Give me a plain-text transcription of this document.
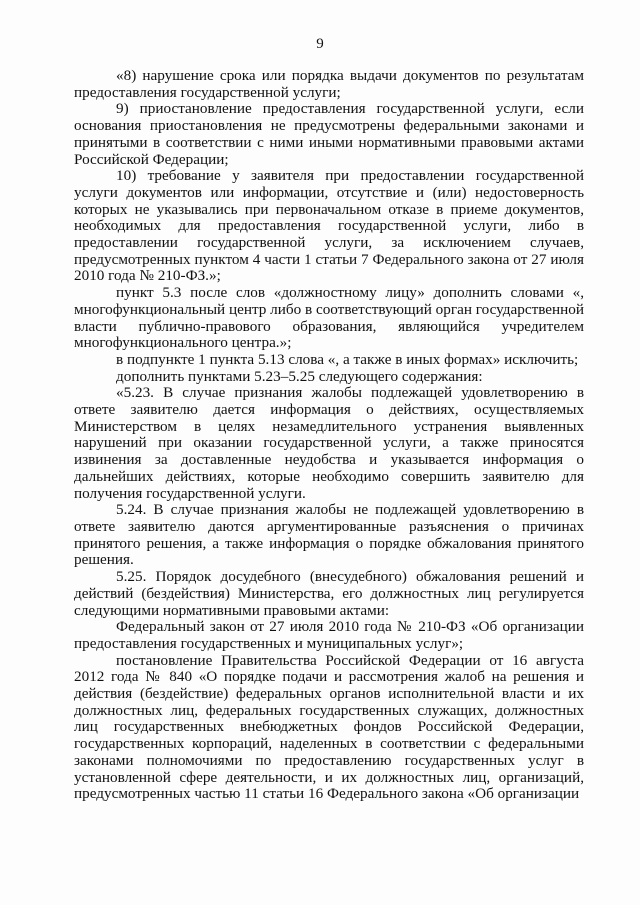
9

«8) нарушение срока или порядка выдачи документов по результатам предоставления государственной услуги;

9) приостановление предоставления государственной услуги, если основания приостановления не предусмотрены федеральными законами и принятыми в соответствии с ними иными нормативными правовыми актами Российской Федерации;

10) требование у заявителя при предоставлении государственной услуги документов или информации, отсутствие и (или) недостоверность которых не указывались при первоначальном отказе в приеме документов, необходимых для предоставления государственной услуги, либо в предоставлении государственной услуги, за исключением случаев, предусмотренных пунктом 4 части 1 статьи 7 Федерального закона от 27 июля 2010 года № 210-ФЗ.»;

пункт 5.3 после слов «должностному лицу» дополнить словами «, многофункциональный центр либо в соответствующий орган государственной власти публично-правового образования, являющийся учредителем многофункционального центра.»;

в подпункте 1 пункта 5.13 слова «, а также в иных формах» исключить;

дополнить пунктами 5.23–5.25 следующего содержания:

«5.23. В случае признания жалобы подлежащей удовлетворению в ответе заявителю дается информация о действиях, осуществляемых Министерством в целях незамедлительного устранения выявленных нарушений при оказании государственной услуги, а также приносятся извинения за доставленные неудобства и указывается информация о дальнейших действиях, которые необходимо совершить заявителю для получения государственной услуги.

5.24. В случае признания жалобы не подлежащей удовлетворению в ответе заявителю даются аргументированные разъяснения о причинах принятого решения, а также информация о порядке обжалования принятого решения.

5.25. Порядок досудебного (внесудебного) обжалования решений и действий (бездействия) Министерства, его должностных лиц регулируется следующими нормативными правовыми актами:

Федеральный закон от 27 июля 2010 года № 210-ФЗ «Об организации предоставления государственных и муниципальных услуг»;

постановление Правительства Российской Федерации от 16 августа 2012 года № 840 «О порядке подачи и рассмотрения жалоб на решения и действия (бездействие) федеральных органов исполнительной власти и их должностных лиц, федеральных государственных служащих, должностных лиц государственных внебюджетных фондов Российской Федерации, государственных корпораций, наделенных в соответствии с федеральными законами полномочиями по предоставлению государственных услуг в установленной сфере деятельности, и их должностных лиц, организаций, предусмотренных частью 11 статьи 16 Федерального закона «Об организации
